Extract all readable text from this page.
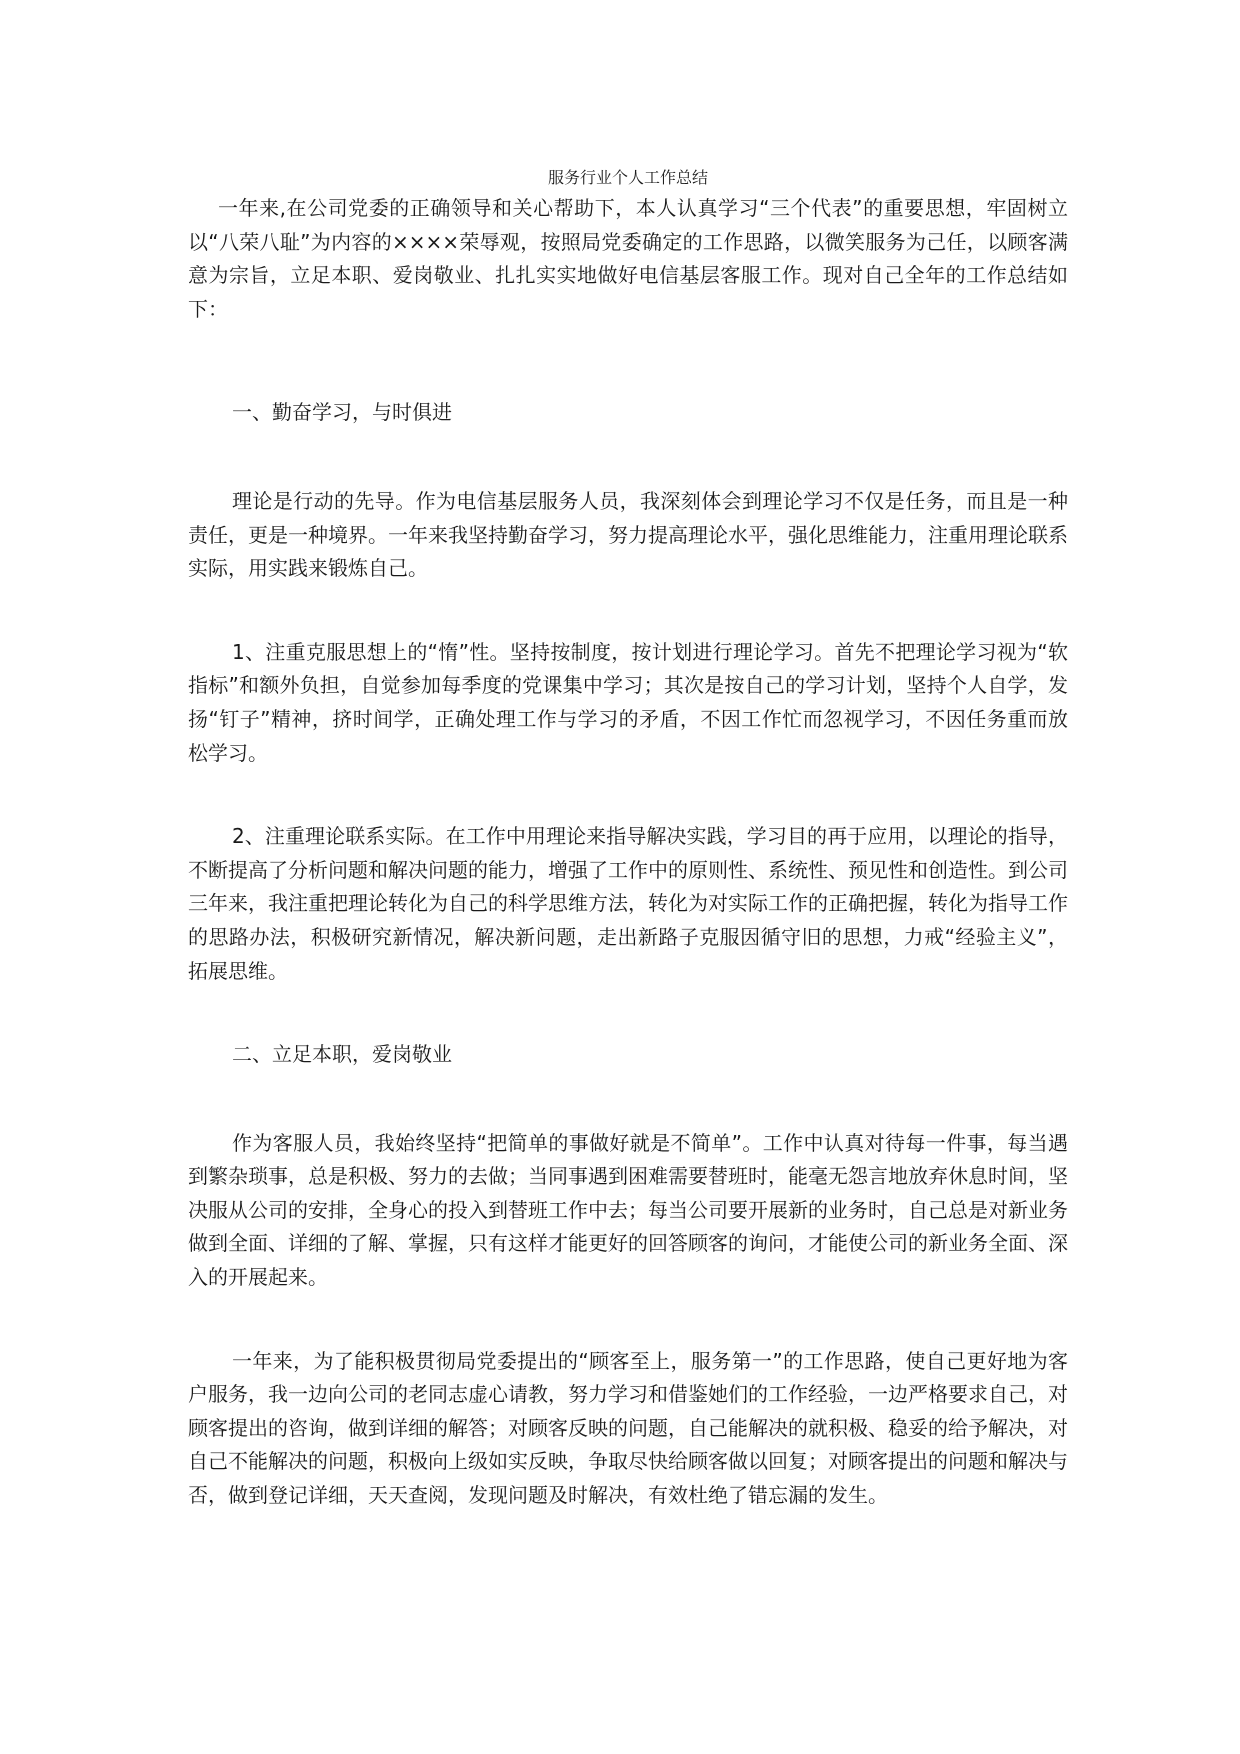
服务行业个人工作总结

一年来,在公司党委的正确领导和关心帮助下，本人认真学习“三个代表”的重要思想，牢固树立以“八荣八耻”为内容的××××荣辱观，按照局党委确定的工作思路，以微笑服务为己任，以顾客满意为宗旨，立足本职、爱岗敬业、扎扎实实地做好电信基层客服工作。现对自己全年的工作总结如下：

一、勤奋学习，与时俱进

理论是行动的先导。作为电信基层服务人员，我深刻体会到理论学习不仅是任务，而且是一种责任，更是一种境界。一年来我坚持勤奋学习，努力提高理论水平，强化思维能力，注重用理论联系实际，用实践来锻炼自己。

1、注重克服思想上的“惰”性。坚持按制度，按计划进行理论学习。首先不把理论学习视为“软指标”和额外负担，自觉参加每季度的党课集中学习；其次是按自己的学习计划，坚持个人自学，发扬“钉子”精神，挤时间学，正确处理工作与学习的矛盾，不因工作忙而忽视学习，不因任务重而放松学习。

2、注重理论联系实际。在工作中用理论来指导解决实践，学习目的再于应用，以理论的指导，不断提高了分析问题和解决问题的能力，增强了工作中的原则性、系统性、预见性和创造性。到公司三年来，我注重把理论转化为自己的科学思维方法，转化为对实际工作的正确把握，转化为指导工作的思路办法，积极研究新情况，解决新问题，走出新路子克服因循守旧的思想，力戒“经验主义”，拓展思维。

二、立足本职，爱岗敬业

作为客服人员，我始终坚持“把简单的事做好就是不简单”。工作中认真对待每一件事，每当遇到繁杂琐事，总是积极、努力的去做；当同事遇到困难需要替班时，能毫无怨言地放弃休息时间，坚决服从公司的安排，全身心的投入到替班工作中去；每当公司要开展新的业务时，自己总是对新业务做到全面、详细的了解、掌握，只有这样才能更好的回答顾客的询问，才能使公司的新业务全面、深入的开展起来。

一年来，为了能积极贯彻局党委提出的“顾客至上，服务第一”的工作思路，使自己更好地为客户服务，我一边向公司的老同志虚心请教，努力学习和借鉴她们的工作经验，一边严格要求自己，对顾客提出的咨询，做到详细的解答；对顾客反映的问题，自己能解决的就积极、稳妥的给予解决，对自己不能解决的问题，积极向上级如实反映，争取尽快给顾客做以回复；对顾客提出的问题和解决与否，做到登记详细，天天查阅，发现问题及时解决，有效杜绝了错忘漏的发生。
